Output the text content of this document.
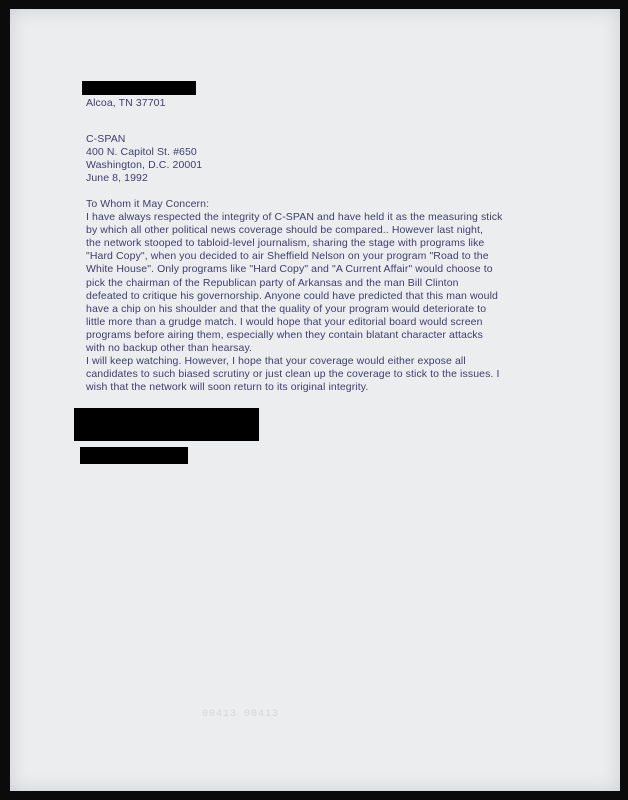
Alcoa, TN 37701
C-SPAN
400 N. Capitol St. #650
Washington, D.C. 20001
June 8, 1992
To Whom it May Concern:
I have always respected the integrity of C-SPAN and have held it as the measuring stick
by which all other political news coverage should be compared.. However last night,
the network stooped to tabloid-level journalism, sharing the stage with programs like
"Hard Copy", when you decided to air Sheffield Nelson on your program "Road to the
White House". Only programs like "Hard Copy" and "A Current Affair" would choose to
pick the chairman of the Republican party of Arkansas and the man Bill Clinton
defeated to critique his governorship. Anyone could have predicted that this man would
have a chip on his shoulder and that the quality of your program would deteriorate to
little more than a grudge match. I would hope that your editorial board would screen
programs before airing them, especially when they contain blatant character attacks
with no backup other than hearsay.
I will keep watching. However, I hope that your coverage would either expose all
candidates to such biased scrutiny or just clean up the coverage to stick to the issues. I
wish that the network will soon return to its original integrity.
00413 00413
